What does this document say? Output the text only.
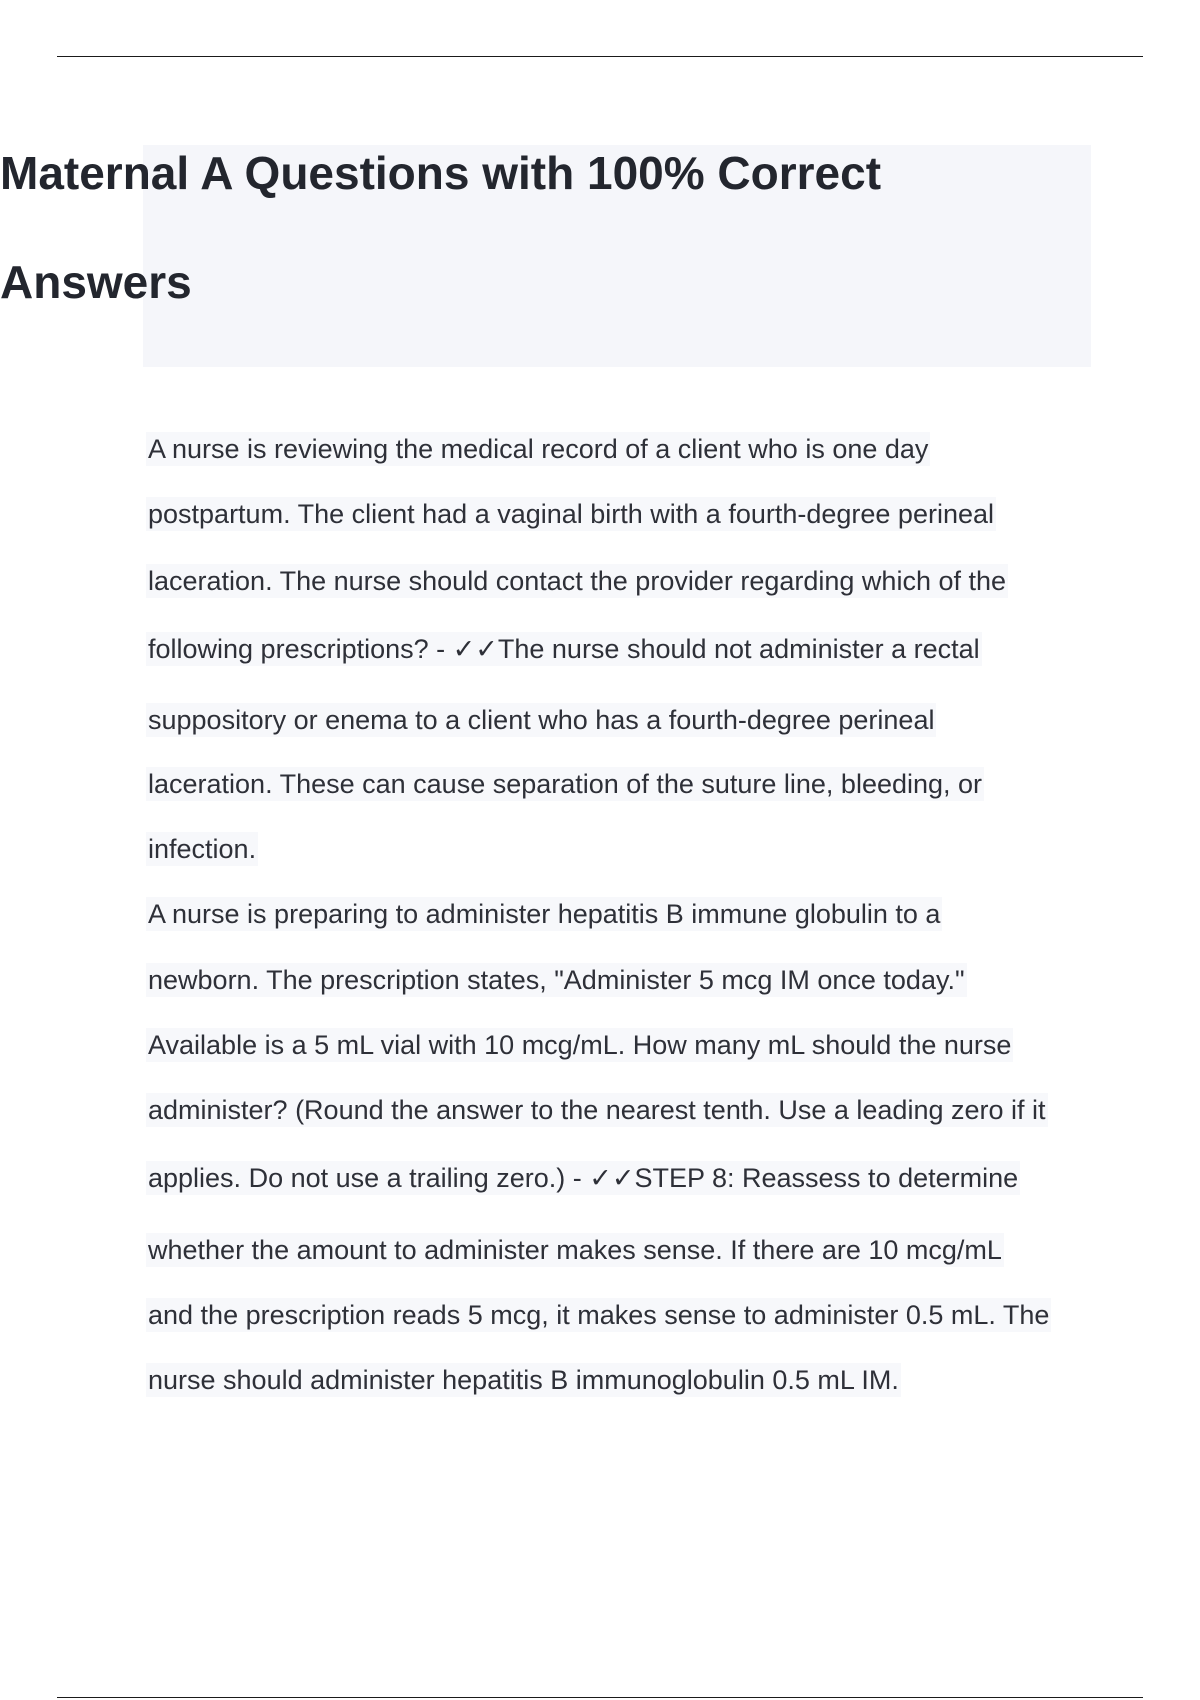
Maternal A Questions with 100% Correct
Answers
A nurse is reviewing the medical record of a client who is one day
postpartum. The client had a vaginal birth with a fourth-degree perineal
laceration. The nurse should contact the provider regarding which of the
following prescriptions? - ✓✓The nurse should not administer a rectal
suppository or enema to a client who has a fourth-degree perineal
laceration. These can cause separation of the suture line, bleeding, or
infection.
A nurse is preparing to administer hepatitis B immune globulin to a
newborn. The prescription states, "Administer 5 mcg IM once today."
Available is a 5 mL vial with 10 mcg/mL. How many mL should the nurse
administer? (Round the answer to the nearest tenth. Use a leading zero if it
applies. Do not use a trailing zero.) - ✓✓STEP 8: Reassess to determine
whether the amount to administer makes sense. If there are 10 mcg/mL
and the prescription reads 5 mcg, it makes sense to administer 0.5 mL. The
nurse should administer hepatitis B immunoglobulin 0.5 mL IM.
